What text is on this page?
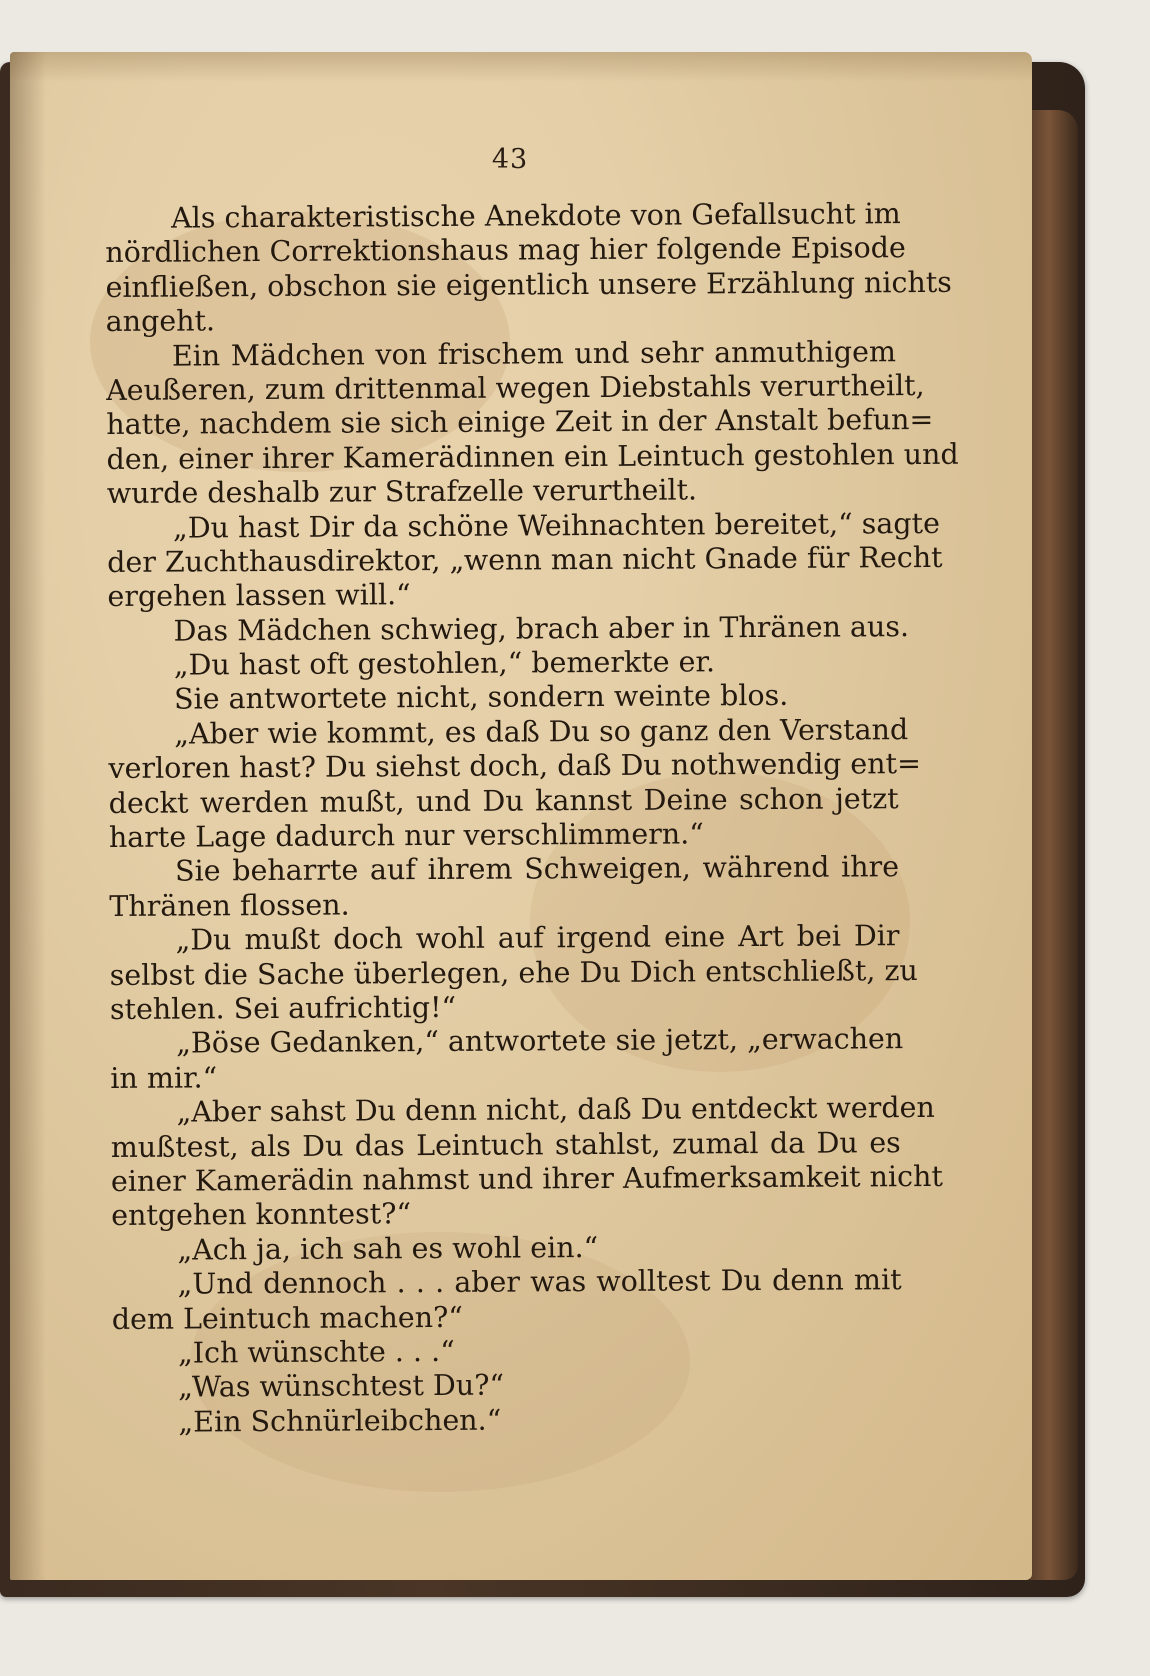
43
Als charakteristische Anekdote von Gefallsucht im
nördlichen Correktionshaus mag hier folgende Episode
einfließen, obschon sie eigentlich unsere Erzählung nichts
angeht.
Ein Mädchen von frischem und sehr anmuthigem
Aeußeren, zum drittenmal wegen Diebstahls verurtheilt,
hatte, nachdem sie sich einige Zeit in der Anstalt befun=
den, einer ihrer Kamerädinnen ein Leintuch gestohlen und
wurde deshalb zur Strafzelle verurtheilt.
„Du hast Dir da schöne Weihnachten bereitet,“ sagte
der Zuchthausdirektor, „wenn man nicht Gnade für Recht
ergehen lassen will.“
Das Mädchen schwieg, brach aber in Thränen aus.
„Du hast oft gestohlen,“ bemerkte er.
Sie antwortete nicht, sondern weinte blos.
„Aber wie kommt, es daß Du so ganz den Verstand
verloren hast? Du siehst doch, daß Du nothwendig ent=
deckt werden mußt, und Du kannst Deine schon jetzt
harte Lage dadurch nur verschlimmern.“
Sie beharrte auf ihrem Schweigen, während ihre
Thränen flossen.
„Du mußt doch wohl auf irgend eine Art bei Dir
selbst die Sache überlegen, ehe Du Dich entschließt, zu
stehlen. Sei aufrichtig!“
„Böse Gedanken,“ antwortete sie jetzt, „erwachen
in mir.“
„Aber sahst Du denn nicht, daß Du entdeckt werden
mußtest, als Du das Leintuch stahlst, zumal da Du es
einer Kamerädin nahmst und ihrer Aufmerksamkeit nicht
entgehen konntest?“
„Ach ja, ich sah es wohl ein.“
„Und dennoch . . . aber was wolltest Du denn mit
dem Leintuch machen?“
„Ich wünschte . . .“
„Was wünschtest Du?“
„Ein Schnürleibchen.“
